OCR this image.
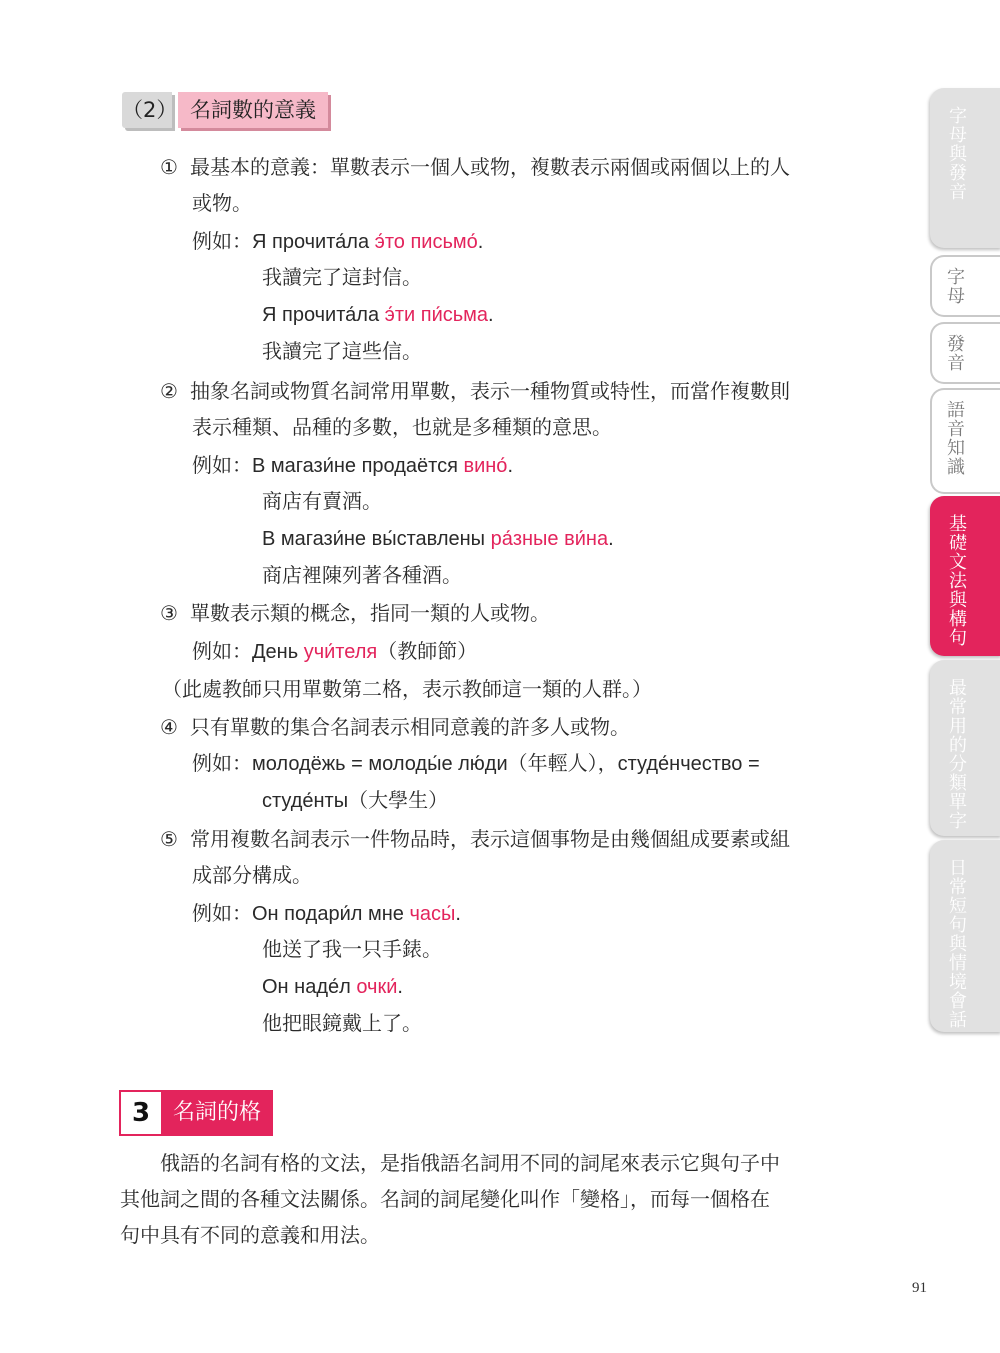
（2） 名詞數的意義
① 最基本的意義：單數表示一個人或物，複數表示兩個或兩個以上的人
或物。
例如：Я прочита́ла э́то письмо́.
我讀完了這封信。
Я прочита́ла э́ти пи́сьма.
我讀完了這些信。
② 抽象名詞或物質名詞常用單數，表示一種物質或特性，而當作複數則
表示種類、品種的多數，也就是多種類的意思。
例如：В магази́не продаётся вино́.
商店有賣酒。
В магази́не вы́ставлены ра́зные ви́на.
商店裡陳列著各種酒。
③ 單數表示類的概念，指同一類的人或物。
例如：День учи́теля（教師節）
（此處教師只用單數第二格，表示教師這一類的人群。）
④ 只有單數的集合名詞表示相同意義的許多人或物。
例如：молодёжь = молоды́е лю́ди（年輕人），студе́нчество =
студе́нты（大學生）
⑤ 常用複數名詞表示一件物品時，表示這個事物是由幾個組成要素或組
成部分構成。
例如：Он подари́л мне часы́.
他送了我一只手錶。
Он наде́л очки́.
他把眼鏡戴上了。
3	名詞的格
　　俄語的名詞有格的文法，是指俄語名詞用不同的詞尾來表示它與句子中
其他詞之間的各種文法關係。名詞的詞尾變化叫作「變格」，而每一個格在
句中具有不同的意義和用法。
91
字母與發音
字母
發音
語音知識
基礎文法與構句
最常用的分類單字
日常短句與情境會話
